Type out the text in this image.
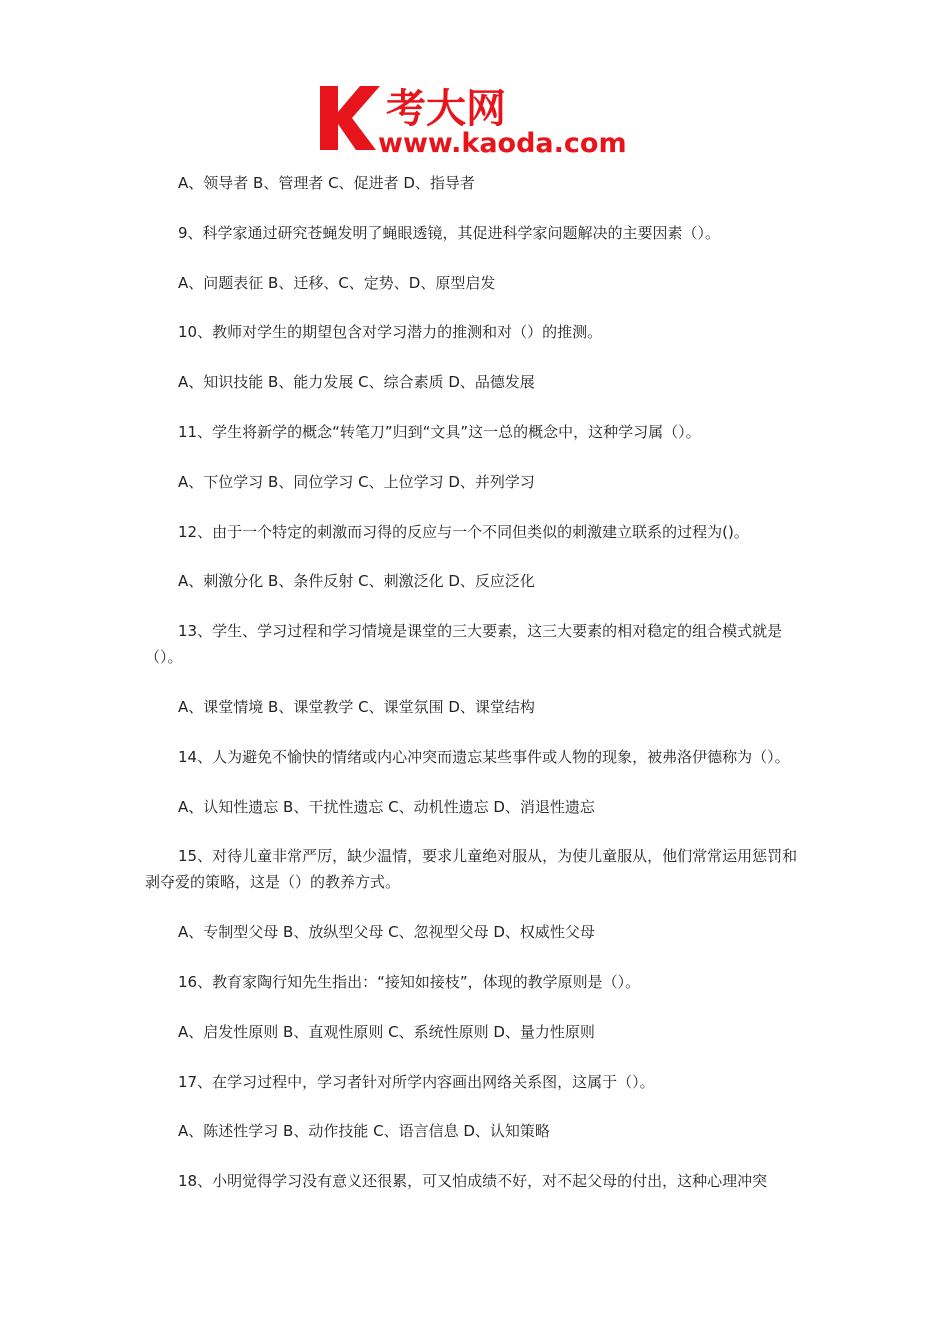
考大网
www.kaoda.com

A、领导者 B、管理者 C、促进者 D、指导者

9、科学家通过研究苍蝇发明了蝇眼透镜，其促进科学家问题解决的主要因素（）。

A、问题表征 B、迁移、C、定势、D、原型启发

10、教师对学生的期望包含对学习潜力的推测和对（）的推测。

A、知识技能 B、能力发展 C、综合素质 D、品德发展

11、学生将新学的概念“转笔刀”归到“文具”这一总的概念中，这种学习属（）。

A、下位学习 B、同位学习 C、上位学习 D、并列学习

12、由于一个特定的刺激而习得的反应与一个不同但类似的刺激建立联系的过程为()。

A、刺激分化 B、条件反射 C、刺激泛化 D、反应泛化

13、学生、学习过程和学习情境是课堂的三大要素，这三大要素的相对稳定的组合模式就是（）。

A、课堂情境 B、课堂教学 C、课堂氛围 D、课堂结构

14、人为避免不愉快的情绪或内心冲突而遗忘某些事件或人物的现象，被弗洛伊德称为（）。

A、认知性遗忘 B、干扰性遗忘 C、动机性遗忘 D、消退性遗忘

15、对待儿童非常严厉，缺少温情，要求儿童绝对服从，为使儿童服从，他们常常运用惩罚和剥夺爱的策略，这是（）的教养方式。

A、专制型父母 B、放纵型父母 C、忽视型父母 D、权威性父母

16、教育家陶行知先生指出：“接知如接枝”，体现的教学原则是（）。

A、启发性原则 B、直观性原则 C、系统性原则 D、量力性原则

17、在学习过程中，学习者针对所学内容画出网络关系图，这属于（）。

A、陈述性学习 B、动作技能 C、语言信息 D、认知策略

18、小明觉得学习没有意义还很累，可又怕成绩不好，对不起父母的付出，这种心理冲突
